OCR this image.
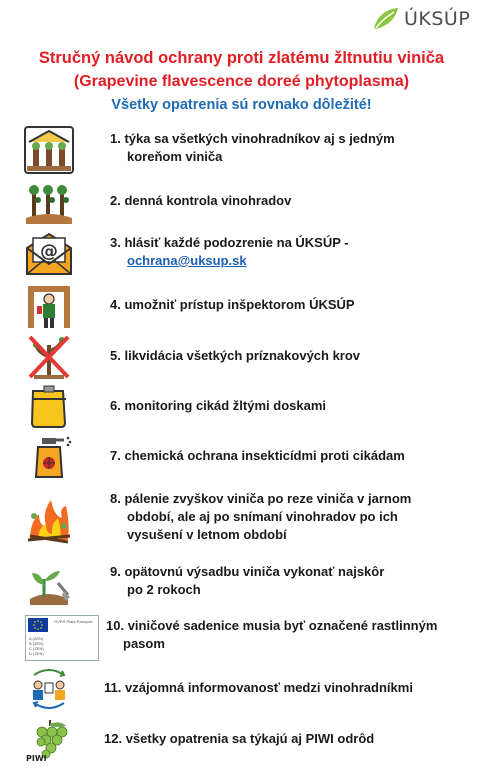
ÚKSÚP
Stručný návod ochrany proti zlatému žltnutiu viniča
(Grapevine flavescence doreé phytoplasma)
Všetky opatrenia sú rovnako dôležité!
1. týka sa všetkých vinohradníkov aj s jedným
koreňom viniča
2. denná kontrola vinohradov
@	3. hlásiť každé podozrenie na ÚKSÚP -
ochrana@uksup.sk
4. umožniť prístup inšpektorom ÚKSÚP
5. likvidácia všetkých príznakových krov
6. monitoring cikád žltými doskami
7. chemická ochrana insekticídmi proti cikádam
8. pálenie zvyškov viniča po reze viniča v jarnom
období, ale aj po snímaní vinohradov po ich
vysušení v letnom období
9. opätovnú výsadbu viniča vykonať najskôr
po 2 rokoch
OVRS Plant Passport
A (ZEN)
B (ZEN)
C (ZEN)
D (ZEN)
10. viničové sadenice musia byť označené rastlinným
pasom
11. vzájomná informovanosť medzi vinohradníkmi
PIWI
12. všetky opatrenia sa týkajú aj PIWI odrôd
